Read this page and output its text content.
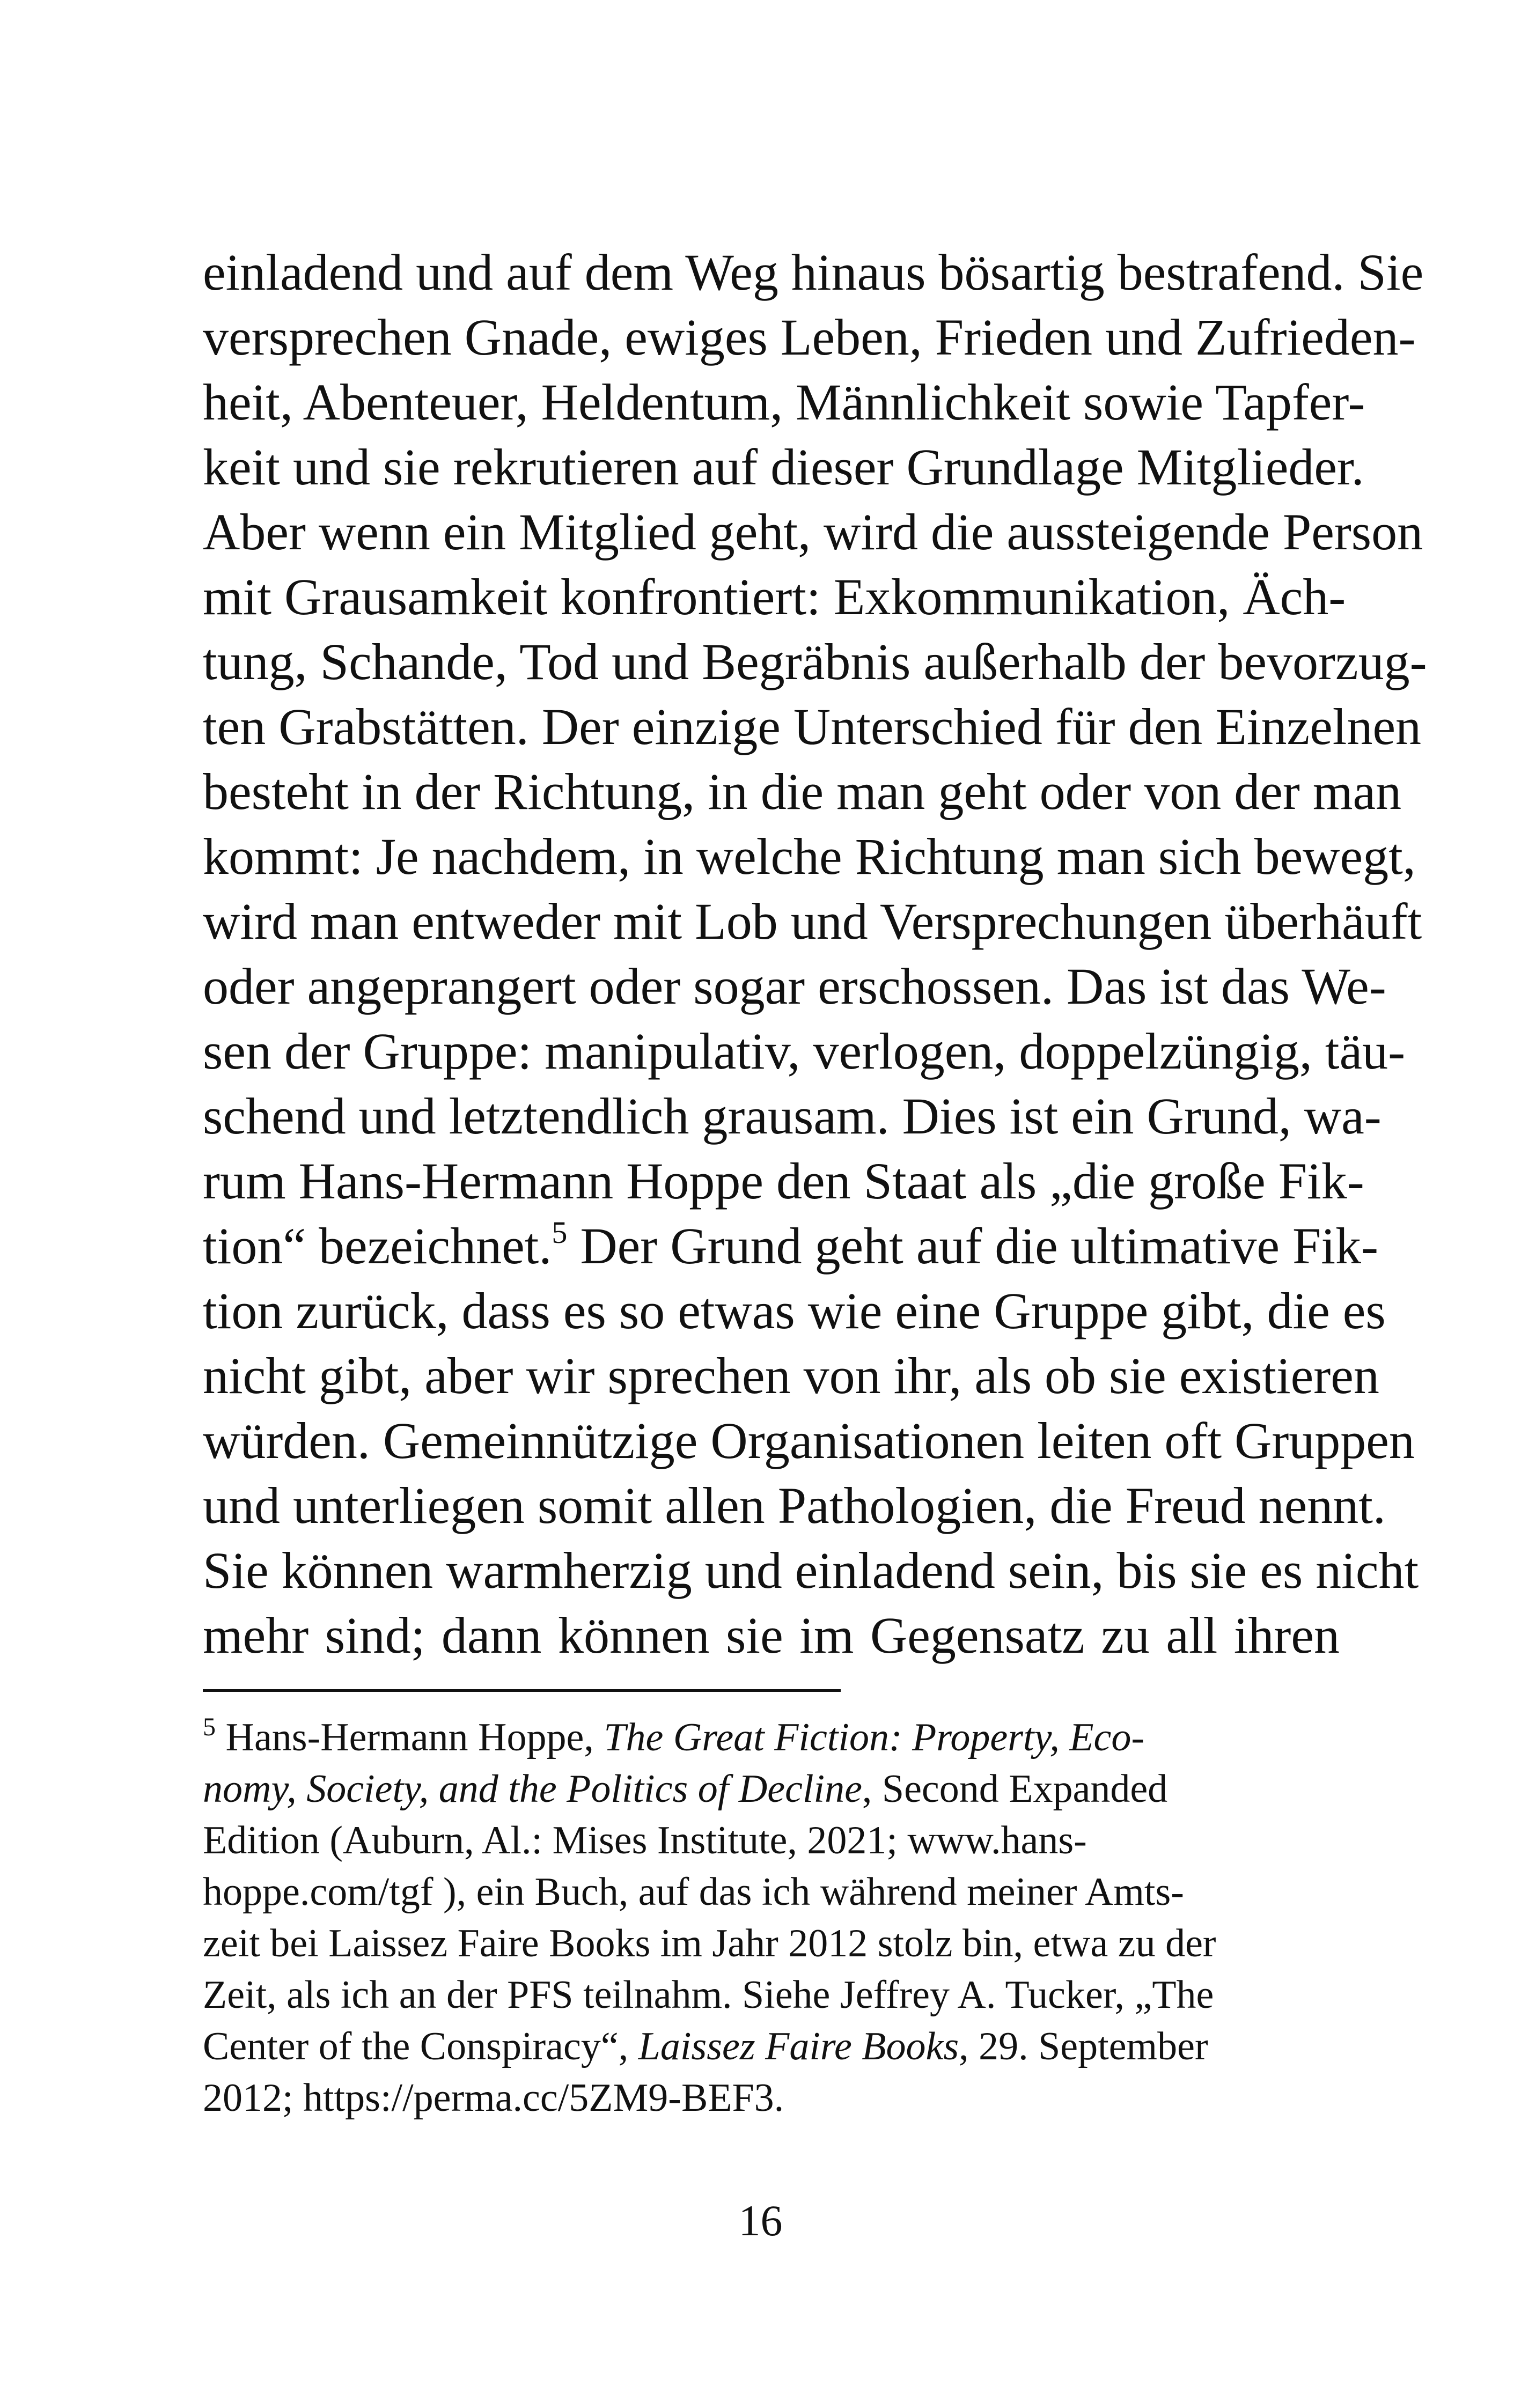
einladend und auf dem Weg hinaus bösartig bestrafend. Sie
versprechen Gnade, ewiges Leben, Frieden und Zufrieden-
heit, Abenteuer, Heldentum, Männlichkeit sowie Tapfer-
keit und sie rekrutieren auf dieser Grundlage Mitglieder.
Aber wenn ein Mitglied geht, wird die aussteigende Person
mit Grausamkeit konfrontiert: Exkommunikation, Äch-
tung, Schande, Tod und Begräbnis außerhalb der bevorzug-
ten Grabstätten. Der einzige Unterschied für den Einzelnen
besteht in der Richtung, in die man geht oder von der man
kommt: Je nachdem, in welche Richtung man sich bewegt,
wird man entweder mit Lob und Versprechungen überhäuft
oder angeprangert oder sogar erschossen. Das ist das We-
sen der Gruppe: manipulativ, verlogen, doppelzüngig, täu-
schend und letztendlich grausam. Dies ist ein Grund, wa-
rum Hans-Hermann Hoppe den Staat als „die große Fik-
tion“ bezeichnet.$^5$ Der Grund geht auf die ultimative Fik-
tion zurück, dass es so etwas wie eine Gruppe gibt, die es
nicht gibt, aber wir sprechen von ihr, als ob sie existieren
würden. Gemeinnützige Organisationen leiten oft Gruppen
und unterliegen somit allen Pathologien, die Freud nennt.
Sie können warmherzig und einladend sein, bis sie es nicht
mehr sind; dann können sie im Gegensatz zu all ihren
$^5$ Hans-Hermann Hoppe, The Great Fiction: Property, Eco-
nomy, Society, and the Politics of Decline, Second Expanded
Edition (Auburn, Al.: Mises Institute, 2021; www.hans-
hoppe.com/tgf ), ein Buch, auf das ich während meiner Amts-
zeit bei Laissez Faire Books im Jahr 2012 stolz bin, etwa zu der
Zeit, als ich an der PFS teilnahm. Siehe Jeffrey A. Tucker, „The
Center of the Conspiracy“, Laissez Faire Books, 29. September
2012; https://perma.cc/5ZM9-BEF3.
16
